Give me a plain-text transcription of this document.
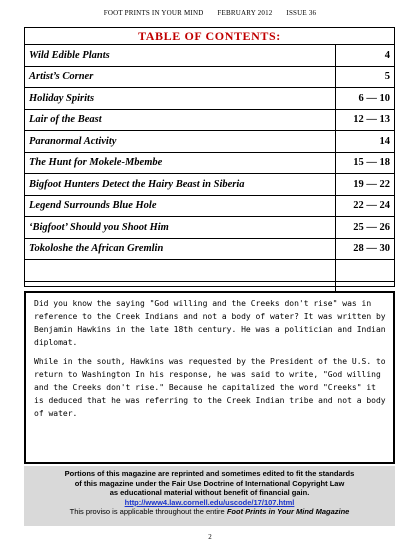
FOOT PRINTS IN YOUR MIND FEBRUARY 2012 ISSUE 36
TABLE OF CONTENTS:
Wild Edible Plants	4
Artist’s Corner	5
Holiday Spirits	6 — 10
Lair of the Beast	12 — 13
Paranormal Activity	14
The Hunt for Mokele-Mbembe	15 — 18
Bigfoot Hunters Detect the Hairy Beast in Siberia	19 — 22
Legend Surrounds Blue Hole	22 — 24
‘Bigfoot’ Should you Shoot Him	25 — 26
Tokoloshe the African Gremlin	28 — 30

Did you know the saying "God willing and the Creeks don't rise" was in reference to the Creek Indians and not a body of water? It was written by Benjamin Hawkins in the late 18th century. He was a politician and Indian diplomat.

While in the south, Hawkins was requested by the President of the U.S. to return to Washington In his response, he was said to write, "God willing and the Creeks don't rise." Because he capitalized the word "Creeks" it is deduced that he was referring to the Creek Indian tribe and not a body of water.

Portions of this magazine are reprinted and sometimes edited to fit the standards
of this magazine under the Fair Use Doctrine of International Copyright Law
as educational material without benefit of financial gain.
http://www4.law.cornell.edu/uscode/17/107.html
This proviso is applicable throughout the entire Foot Prints in Your Mind Magazine
2
